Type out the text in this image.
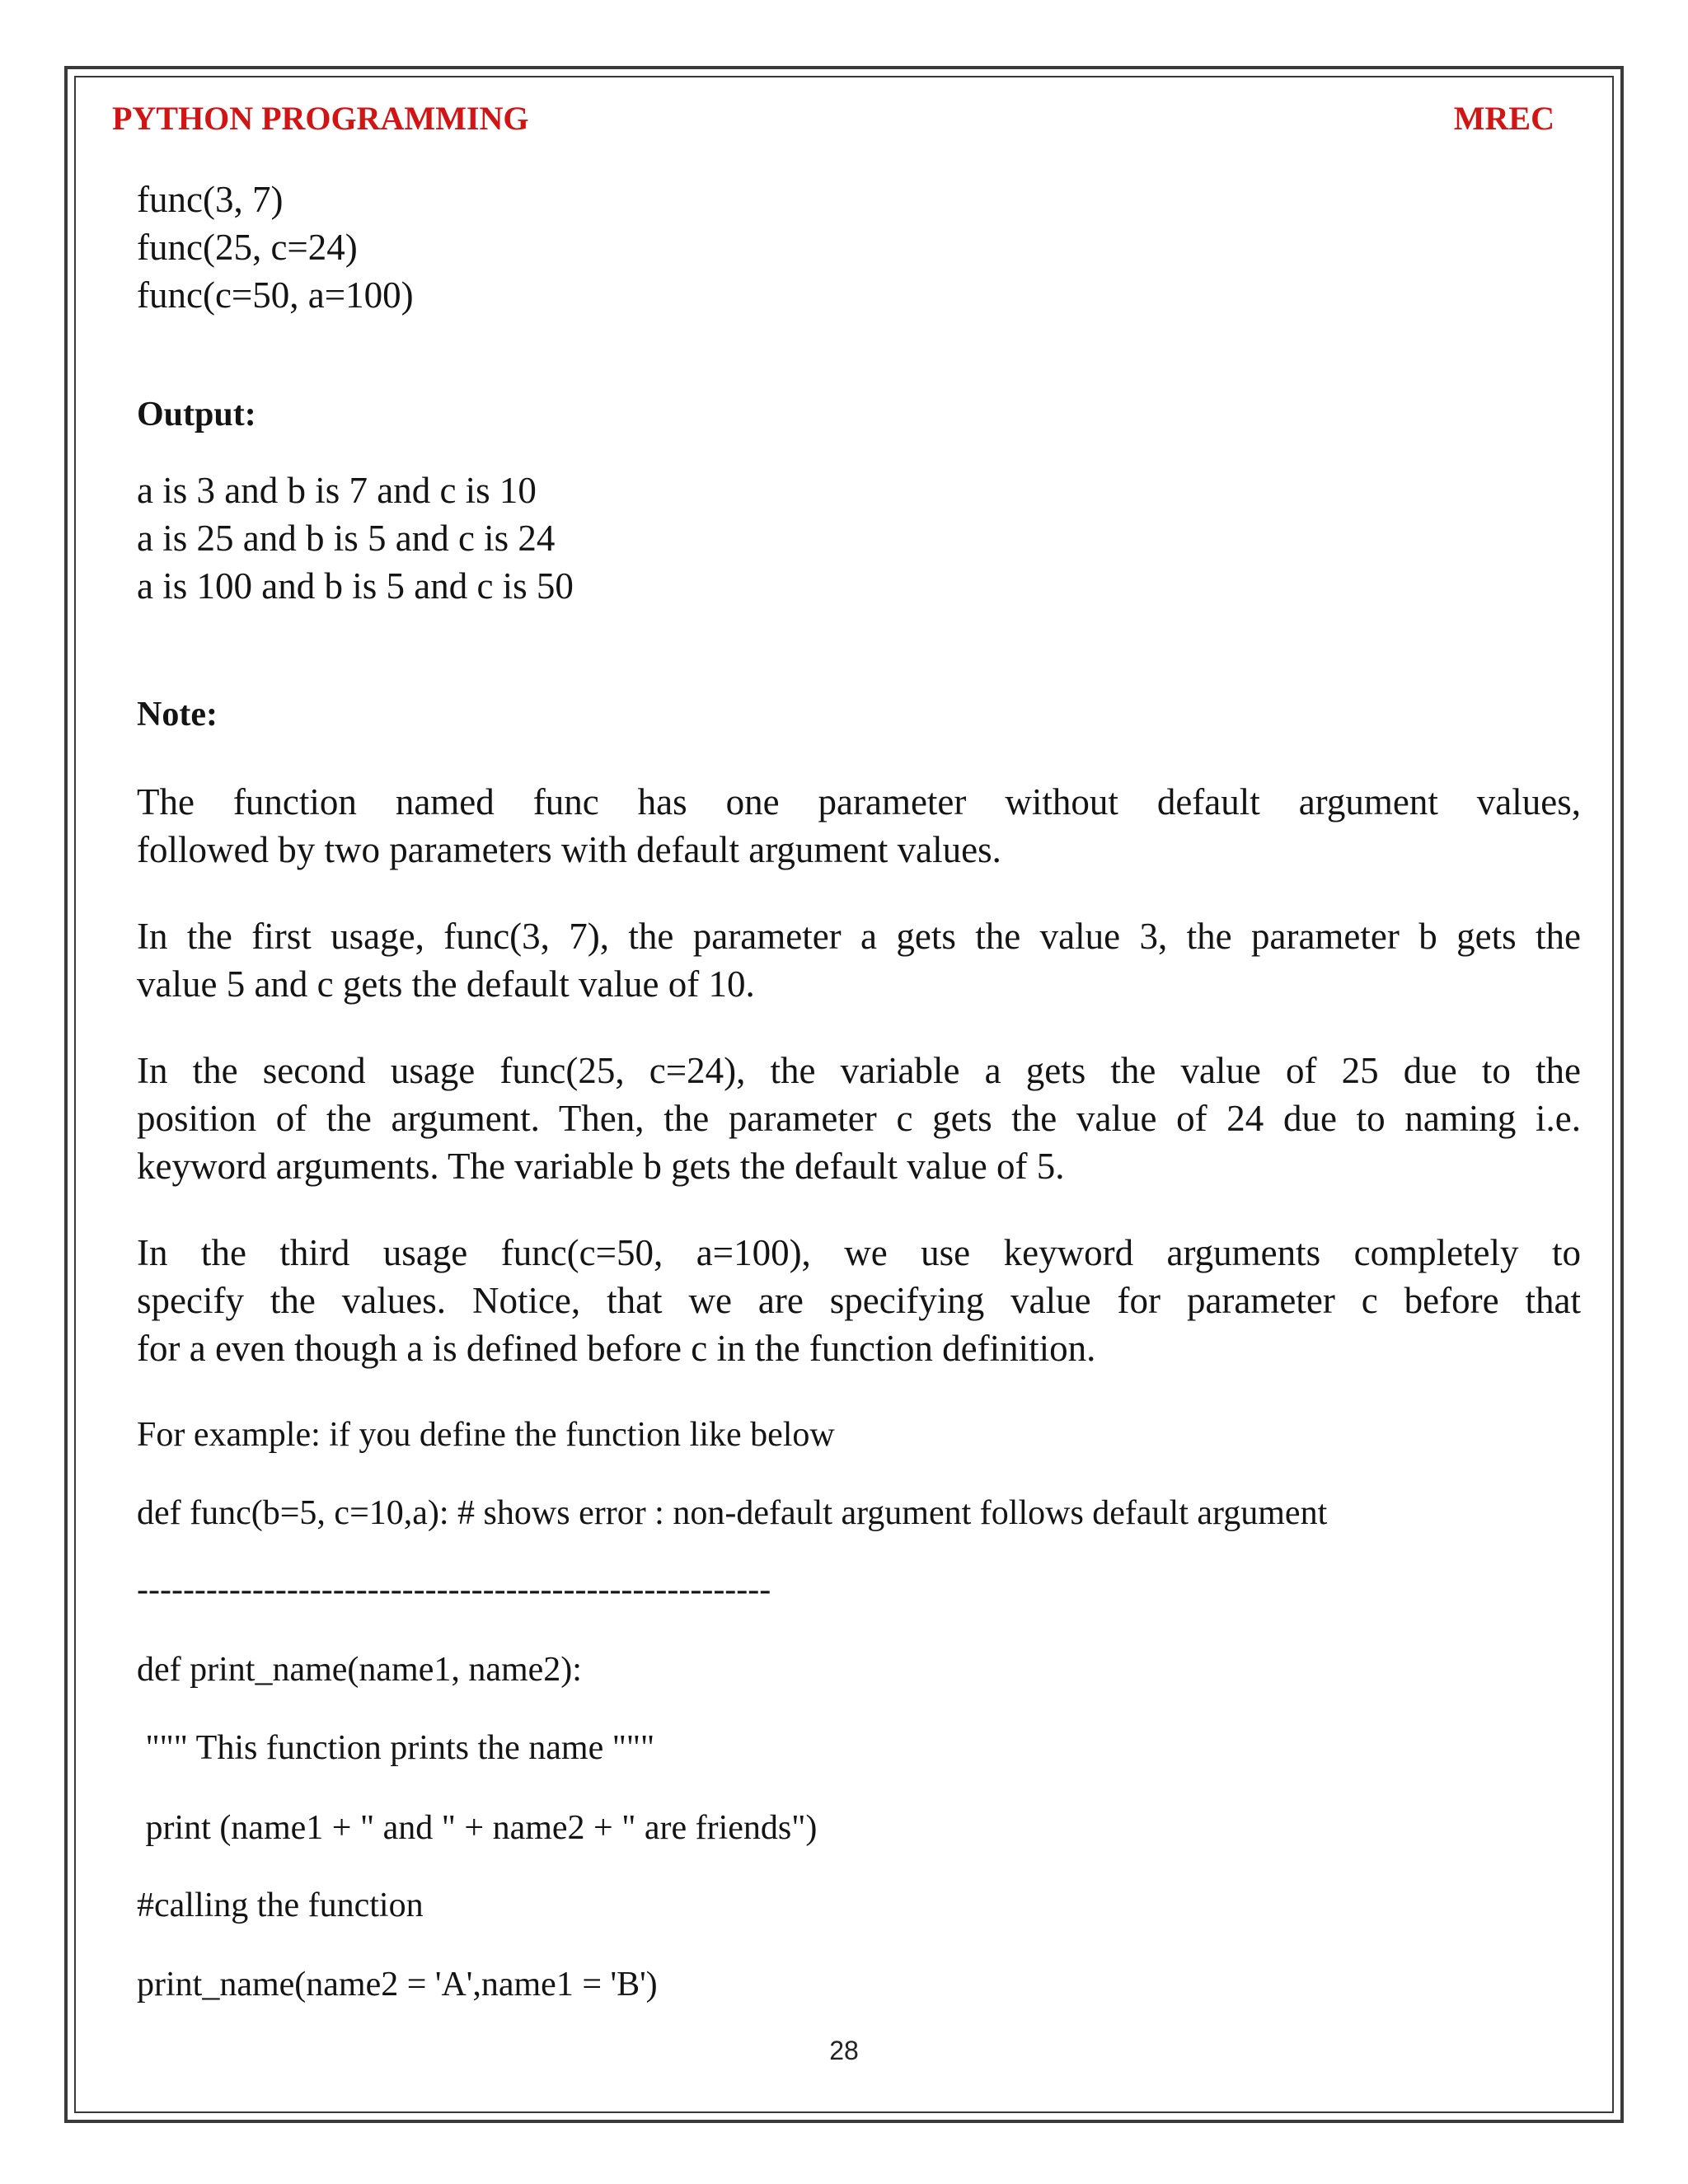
PYTHON PROGRAMMING	MREC

func(3, 7)

func(25, c=24)

func(c=50, a=100)

Output:

a is 3 and b is 7 and c is 10

a is 25 and b is 5 and c is 24

a is 100 and b is 5 and c is 50

Note:

The function named func has one parameter without default argument values,
followed by two parameters with default argument values.
In the first usage, func(3, 7), the parameter a gets the value 3, the parameter b gets the
value 5 and c gets the default value of 10.
In the second usage func(25, c=24), the variable a gets the value of 25 due to the
position of the argument. Then, the parameter c gets the value of 24 due to naming i.e.
keyword arguments. The variable b gets the default value of 5.
In the third usage func(c=50, a=100), we use keyword arguments completely to
specify the values. Notice, that we are specifying value for parameter c before that
for a even though a is defined before c in the function definition.

For example: if you define the function like below

def func(b=5, c=10,a): # shows error : non-default argument follows default argument

-------------------------------------------------------

def print_name(name1, name2):

""" This function prints the name """

print (name1 + " and " + name2 + " are friends")

#calling the function

print_name(name2 = 'A',name1 = 'B')

28
